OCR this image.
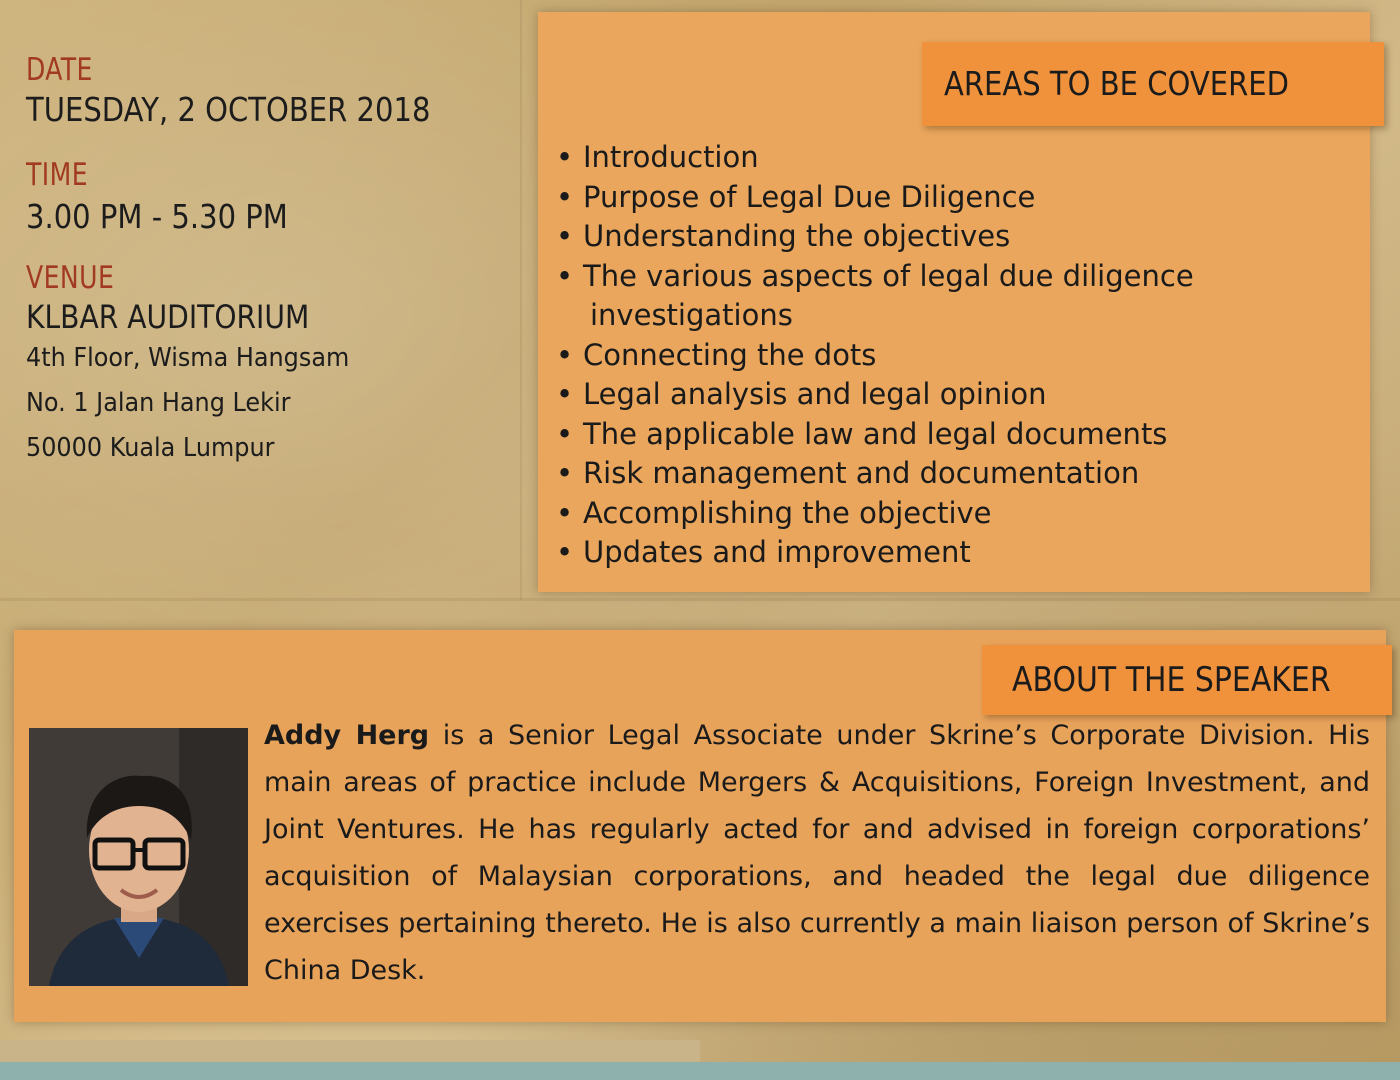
DATE
TUESDAY, 2 OCTOBER 2018
TIME
3.00 PM - 5.30 PM
VENUE
KLBAR AUDITORIUM
4th Floor, Wisma Hangsam
No. 1 Jalan Hang Lekir
50000 Kuala Lumpur
AREAS TO BE COVERED
• Introduction
• Purpose of Legal Due Diligence
• Understanding the objectives
• The various aspects of legal due diligence
investigations
• Connecting the dots
• Legal analysis and legal opinion
• The applicable law and legal documents
• Risk management and documentation
• Accomplishing the objective
• Updates and improvement
ABOUT THE SPEAKER
Addy Herg is a Senior Legal Associate under Skrine’s Corporate Division. His main areas of practice include Mergers & Acquisitions, Foreign Investment, and Joint Ventures. He has regularly acted for and advised in foreign corporations’ acquisition of Malaysian corporations, and headed the legal due diligence exercises pertaining thereto. He is also currently a main liaison person of Skrine’s China Desk.
